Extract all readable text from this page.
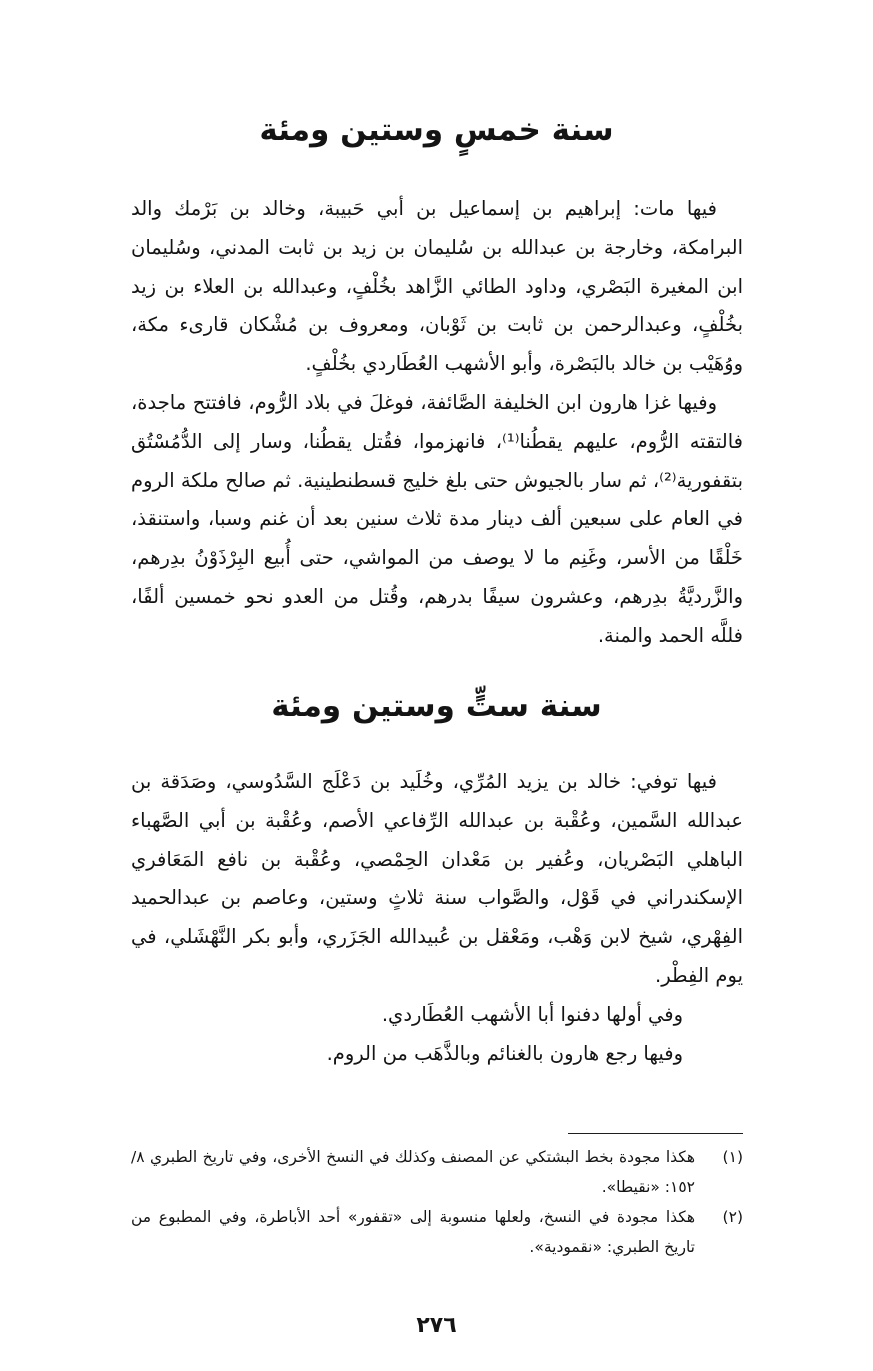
سنة خمسٍ وستين ومئة

فيها مات: إبراهيم بن إسماعيل بن أبي حَبيبة، وخالد بن بَرْمك والد البرامكة، وخارجة بن عبدالله بن سُليمان بن زيد بن ثابت المدني، وسُليمان ابن المغيرة البَصْري، وداود الطائي الزَّاهد بخُلْفٍ، وعبدالله بن العلاء بن زيد بخُلْفٍ، وعبدالرحمن بن ثابت بن ثَوْبان، ومعروف بن مُشْكان قارىء مكة، ووُهَيْب بن خالد بالبَصْرة، وأبو الأشهب العُطَاردي بخُلْفٍ.

وفيها غزا هارون ابن الخليفة الصَّائفة، فوغلَ في بلاد الرُّوم، فافتتح ماجدة، فالتقته الرُّوم، عليهم يقطُنا⁽¹⁾، فانهزموا، فقُتل يقطُنا، وسار إلى الدُّمُسْتُق بتقفورية⁽²⁾، ثم سار بالجيوش حتى بلغ خليج قسطنطينية. ثم صالح ملكة الروم في العام على سبعين ألف دينار مدة ثلاث سنين بعد أن غنم وسبا، واستنقذ، خَلْقًا من الأسر، وغَنِم ما لا يوصف من المواشي، حتى أُبيع البِرْذَوْنُ بدِرهم، والزَّرديَّةُ بدِرهم، وعشرون سيفًا بدرهم، وقُتل من العدو نحو خمسين ألفًا، فللَّه الحمد والمنة.

سنة ستٍّ وستين ومئة

فيها توفي: خالد بن يزيد المُرِّي، وخُلَيد بن دَعْلَج السَّدُوسي، وصَدَقة بن عبدالله السَّمين، وعُقْبة بن عبدالله الرِّفاعي الأصم، وعُقْبة بن أبي الصَّهباء الباهلي البَصْريان، وعُفير بن مَعْدان الحِمْصي، وعُقْبة بن نافع المَعَافري الإسكندراني في قَوْل، والصَّواب سنة ثلاثٍ وستين، وعاصم بن عبدالحميد الفِهْري، شيخ لابن وَهْب، ومَعْقل بن عُبيدالله الجَزَري، وأبو بكر النَّهْشَلي، في يوم الفِطْر.

وفي أولها دفنوا أبا الأشهب العُطَاردي.

وفيها رجع هارون بالغنائم وبالذَّهَب من الروم.

(١)
هكذا مجودة بخط البشتكي عن المصنف وكذلك في النسخ الأخرى، وفي تاريخ الطبري ٨/ ١٥٢: «نقيطا».
(٢)
هكذا مجودة في النسخ، ولعلها منسوبة إلى «تقفور» أحد الأباطرة، وفي المطبوع من تاريخ الطبري: «نقمودية».
٢٧٦
